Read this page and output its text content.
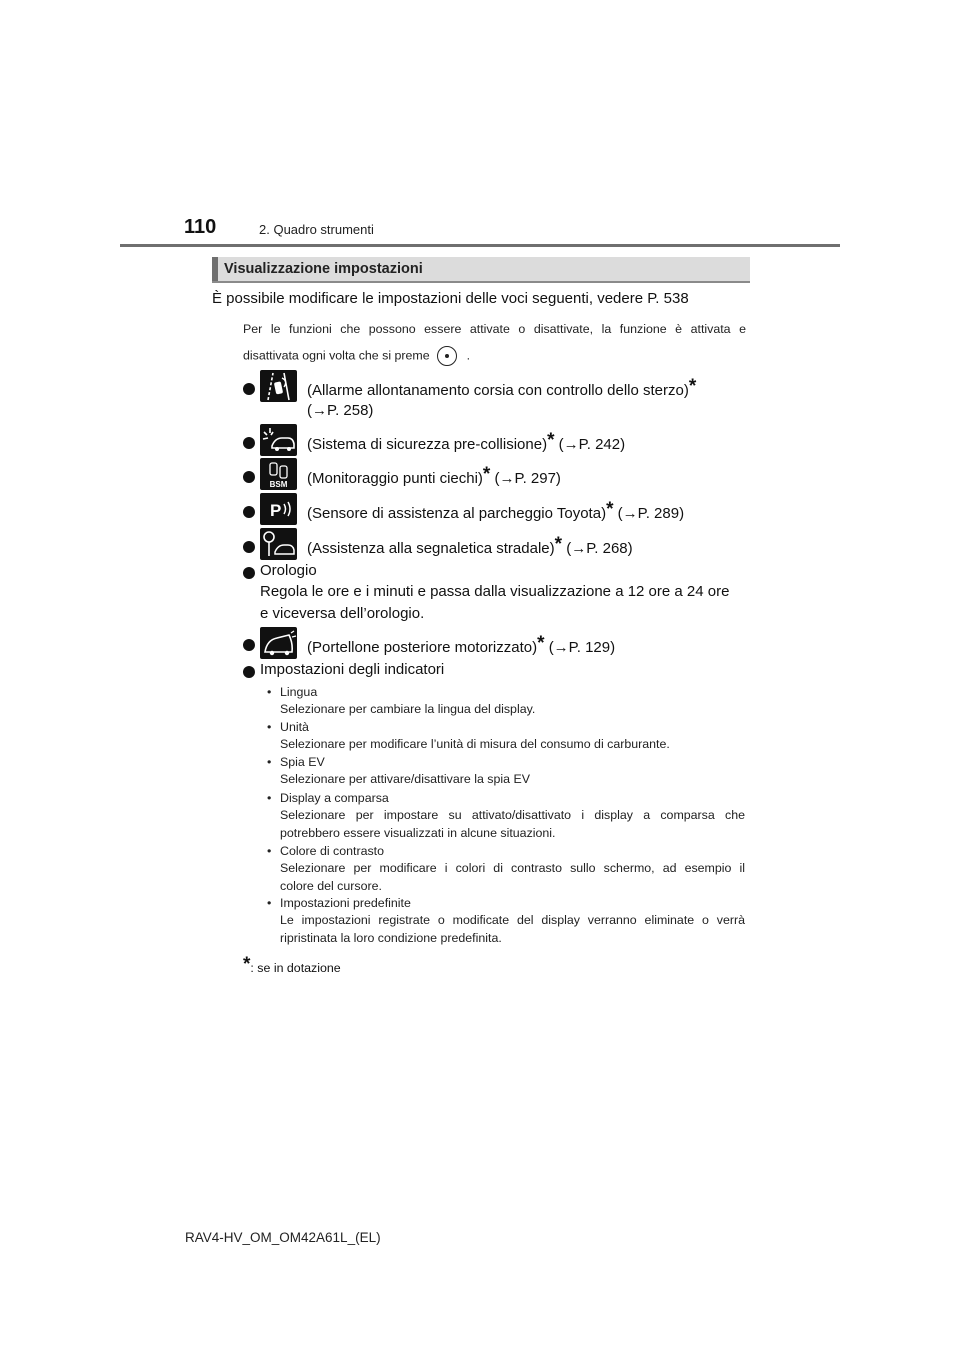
110	2. Quadro strumenti
Visualizzazione impostazioni
È possibile modificare le impostazioni delle voci seguenti, vedere P. 538
Per le funzioni che possono essere attivate o disattivate, la funzione è attivata e
disattivata ogni volta che si preme	.
(Allarme allontanamento corsia con controllo dello sterzo)*
(→P. 258)
(Sistema di sicurezza pre-collisione)* (→P. 242)
BSM (Monitoraggio punti ciechi)* (→P. 297)
P (Sensore di assistenza al parcheggio Toyota)* (→P. 289)
(Assistenza alla segnaletica stradale)* (→P. 268)
Orologio
Regola le ore e i minuti e passa dalla visualizzazione a 12 ore a 24 ore
e viceversa dell’orologio.
(Portellone posteriore motorizzato)* (→P. 129)
Impostazioni degli indicatori
• Lingua
Selezionare per cambiare la lingua del display.
• Unità
Selezionare per modificare l’unità di misura del consumo di carburante.
• Spia EV
Selezionare per attivare/disattivare la spia EV
• Display a comparsa
Selezionare per impostare su attivato/disattivato i display a comparsa che
potrebbero essere visualizzati in alcune situazioni.
• Colore di contrasto
Selezionare per modificare i colori di contrasto sullo schermo, ad esempio il
colore del cursore.
• Impostazioni predefinite
Le impostazioni registrate o modificate del display verranno eliminate o verrà
ripristinata la loro condizione predefinita.
*: se in dotazione
RAV4-HV_OM_OM42A61L_(EL)
